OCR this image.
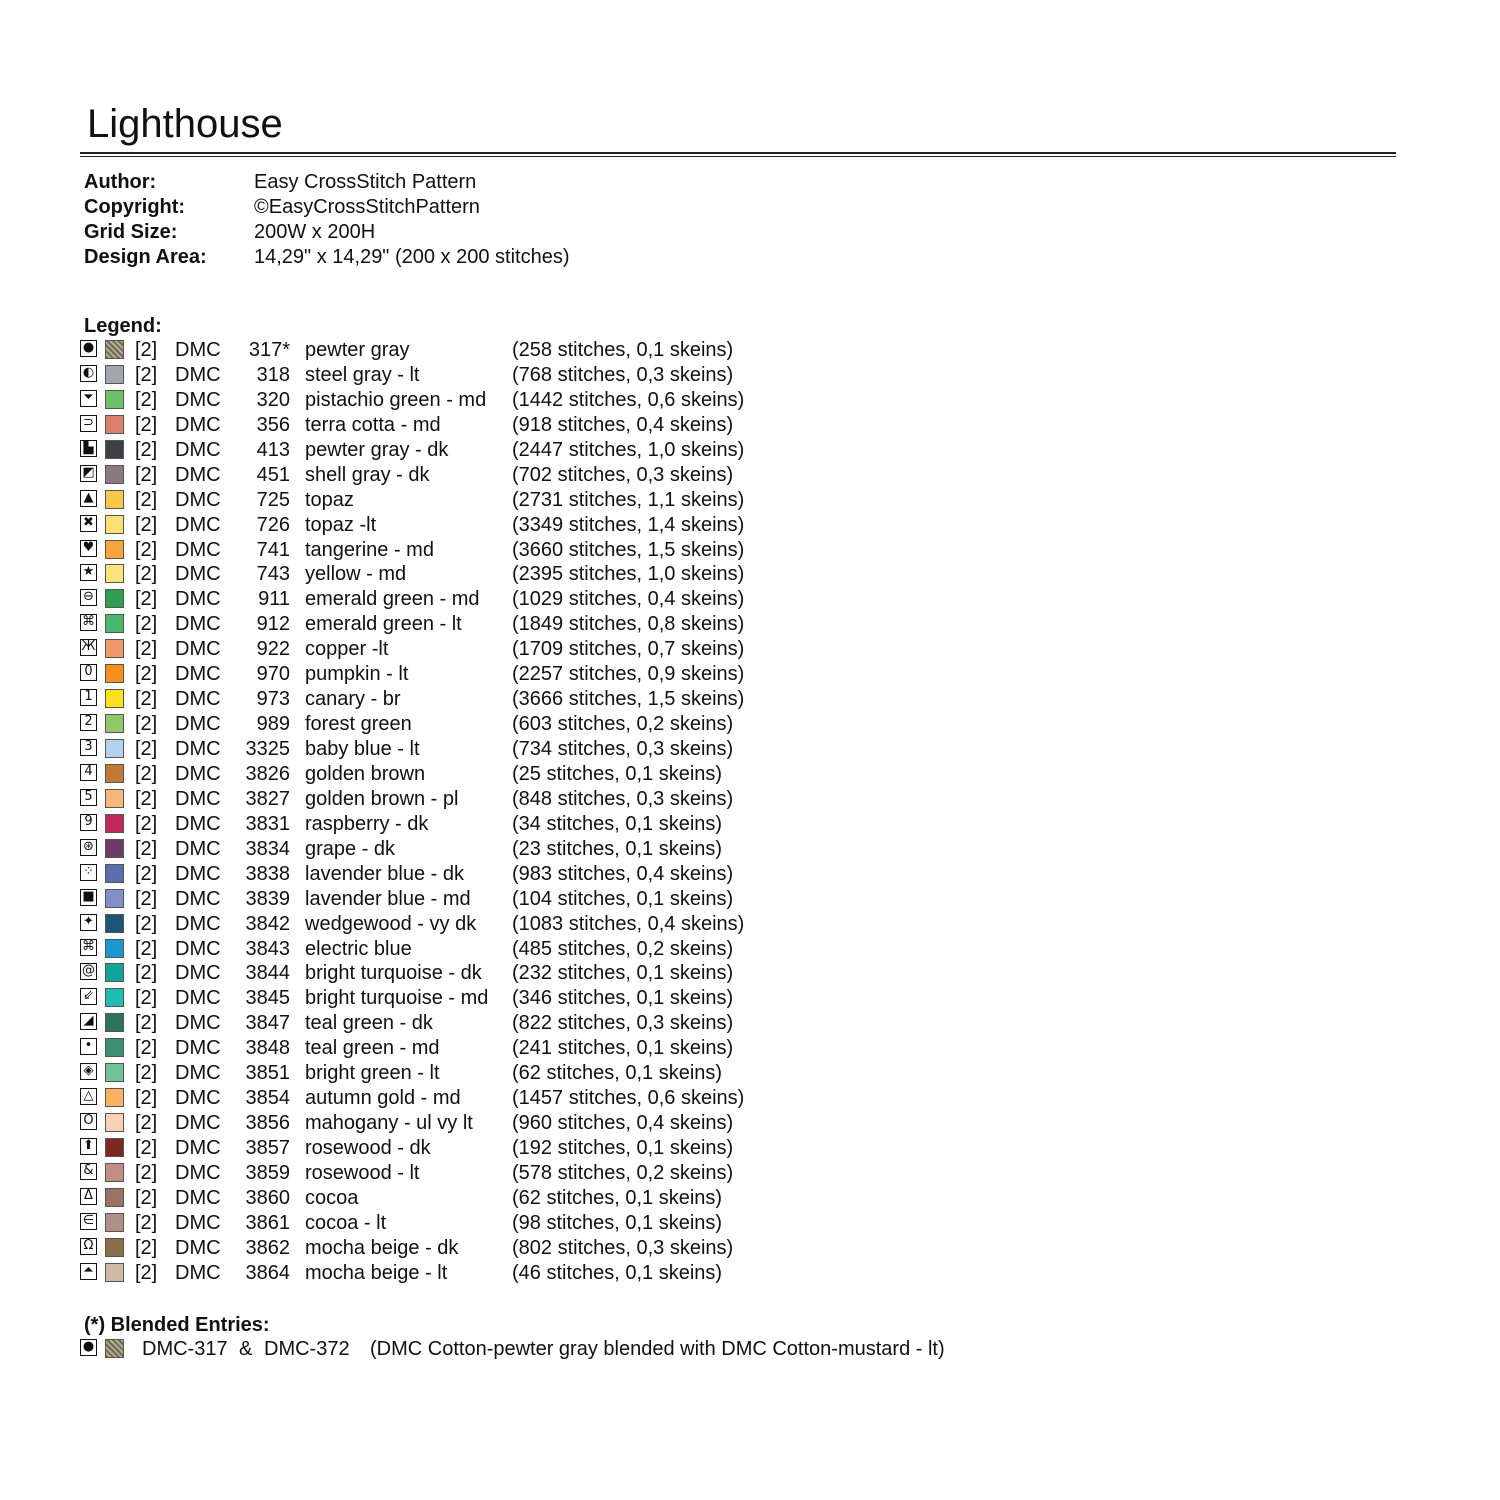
Lighthouse
Author:	Easy CrossStitch Pattern
Copyright:	©EasyCrossStitchPattern
Grid Size:	200W x 200H
Design Area: 14,29" x 14,29" (200 x 200 stitches)
Legend:
● [2] DMC 317* pewter gray	(258 stitches, 0,1 skeins)
◐ [2] DMC	318 steel gray - lt	(768 stitches, 0,3 skeins)
⏷ [2] DMC	320 pistachio green - md (1442 stitches, 0,6 skeins)
⊃ [2] DMC	356 terra cotta - md	(918 stitches, 0,4 skeins)
▙ [2] DMC	413 pewter gray - dk	(2447 stitches, 1,0 skeins)
◩ [2] DMC	451 shell gray - dk	(702 stitches, 0,3 skeins)
▲ [2] DMC	725 topaz	(2731 stitches, 1,1 skeins)
✖ [2] DMC	726 topaz -lt	(3349 stitches, 1,4 skeins)
♥ [2] DMC	741 tangerine - md	(3660 stitches, 1,5 skeins)
★ [2] DMC	743 yellow - md	(2395 stitches, 1,0 skeins)
⊖ [2] DMC	911 emerald green - md (1029 stitches, 0,4 skeins)
⌘ [2] DMC	912 emerald green - lt	(1849 stitches, 0,8 skeins)
Ж [2] DMC	922 copper -lt	(1709 stitches, 0,7 skeins)
0 [2] DMC	970 pumpkin - lt	(2257 stitches, 0,9 skeins)
1 [2] DMC	973 canary - br	(3666 stitches, 1,5 skeins)
2 [2] DMC	989 forest green	(603 stitches, 0,2 skeins)
3 [2] DMC 3325 baby blue - lt	(734 stitches, 0,3 skeins)
4 [2] DMC 3826 golden brown	(25 stitches, 0,1 skeins)
5 [2] DMC 3827 golden brown - pl	(848 stitches, 0,3 skeins)
9 [2] DMC 3831 raspberry - dk	(34 stitches, 0,1 skeins)
⊛ [2] DMC 3834 grape - dk	(23 stitches, 0,1 skeins)
⁘ [2] DMC 3838 lavender blue - dk (983 stitches, 0,4 skeins)
■ [2] DMC 3839 lavender blue - md (104 stitches, 0,1 skeins)
✦ [2] DMC 3842 wedgewood - vy dk (1083 stitches, 0,4 skeins)
⌘ [2] DMC 3843 electric blue	(485 stitches, 0,2 skeins)
@ [2] DMC 3844 bright turquoise - dk (232 stitches, 0,1 skeins)
⇙ [2] DMC 3845 bright turquoise - md (346 stitches, 0,1 skeins)
◢ [2] DMC 3847 teal green - dk	(822 stitches, 0,3 skeins)
• [2] DMC 3848 teal green - md	(241 stitches, 0,1 skeins)
◈ [2] DMC 3851 bright green - lt	(62 stitches, 0,1 skeins)
△ [2] DMC 3854 autumn gold - md	(1457 stitches, 0,6 skeins)
O [2] DMC 3856 mahogany - ul vy lt (960 stitches, 0,4 skeins)
⬆ [2] DMC 3857 rosewood - dk	(192 stitches, 0,1 skeins)
& [2] DMC 3859 rosewood - lt	(578 stitches, 0,2 skeins)
Δ [2] DMC 3860 cocoa	(62 stitches, 0,1 skeins)
∈ [2] DMC 3861 cocoa - lt	(98 stitches, 0,1 skeins)
Ω [2] DMC 3862 mocha beige - dk	(802 stitches, 0,3 skeins)
⏶ [2] DMC 3864 mocha beige - lt	(46 stitches, 0,1 skeins)
(*) Blended Entries:
● DMC-317 & DMC-372 (DMC Cotton-pewter gray blended with DMC Cotton-mustard - lt)
